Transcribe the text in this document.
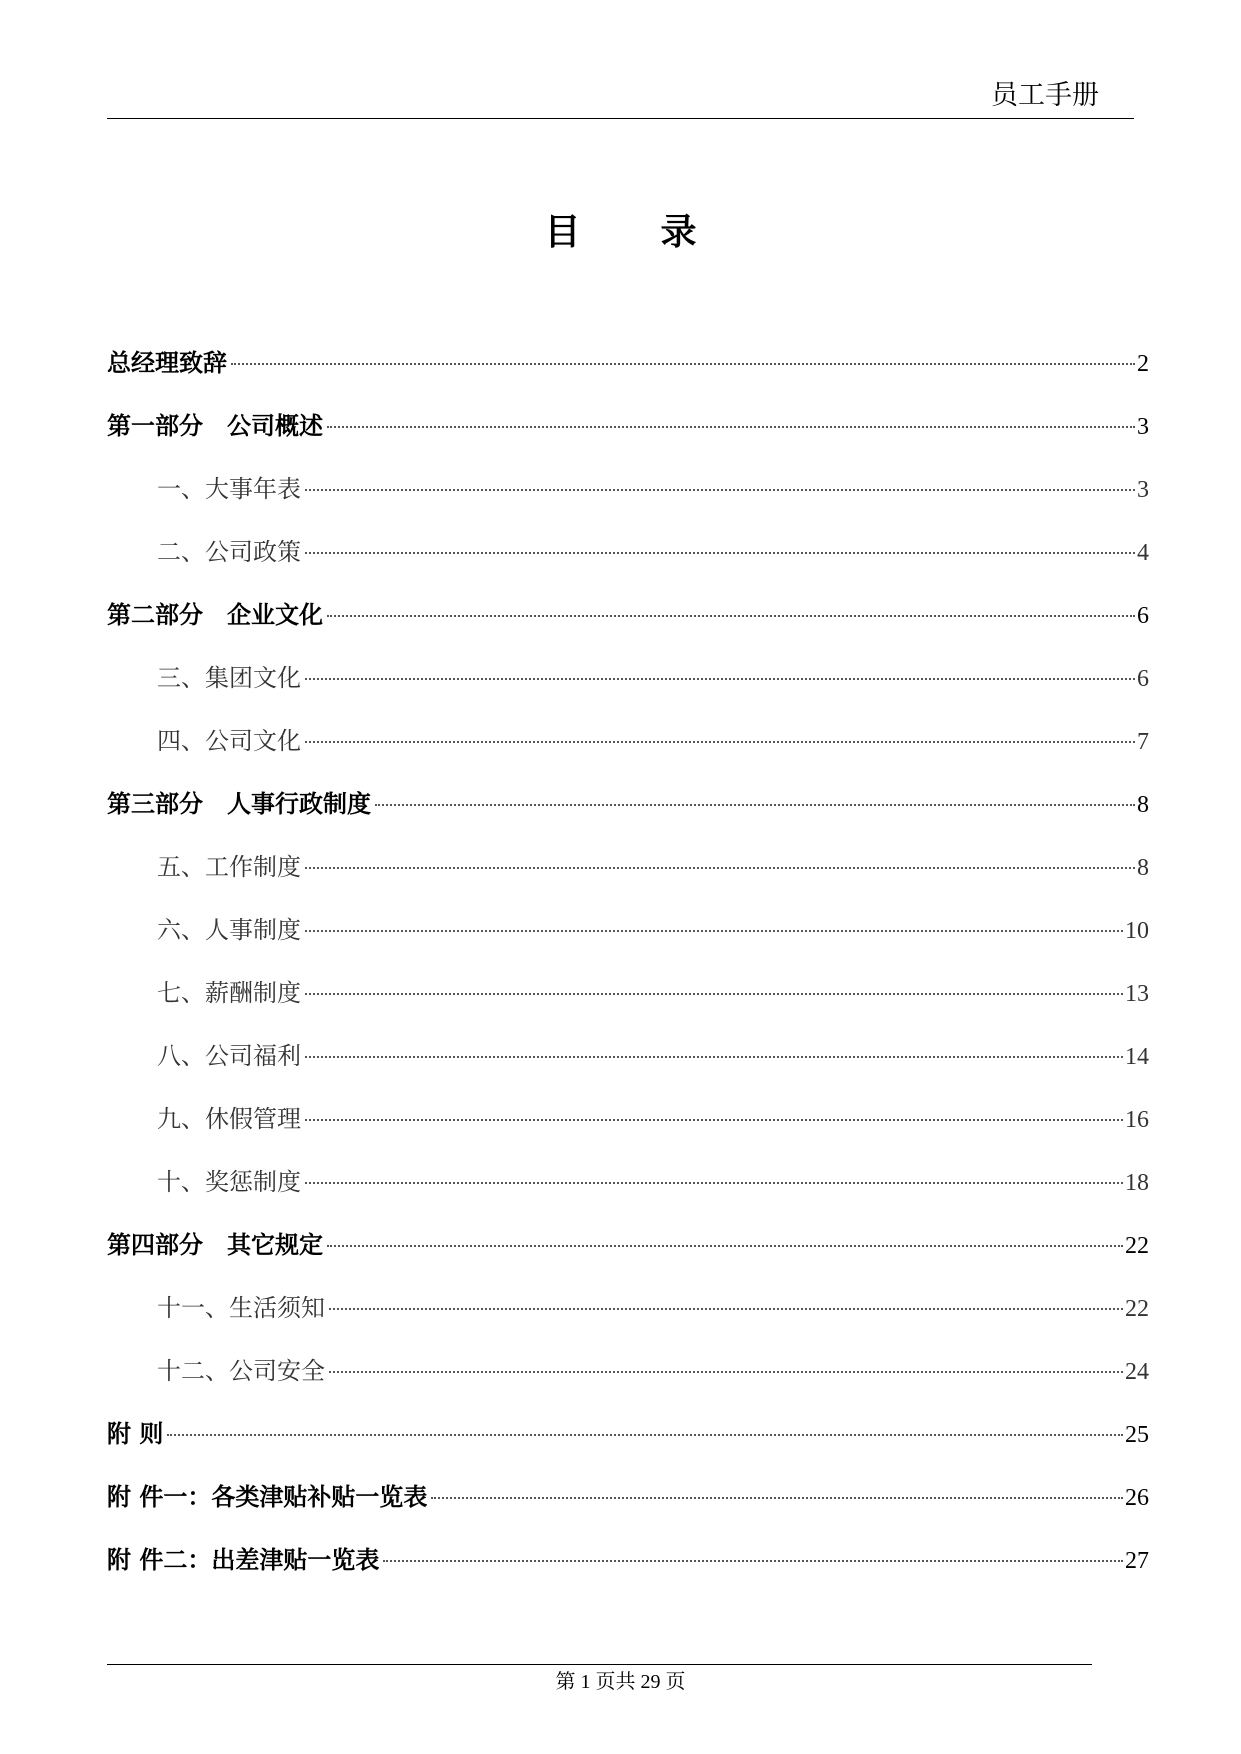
员工手册
目录
总经理致辞	2
第一部分　公司概述	3
一、大事年表	3
二、公司政策	4
第二部分　企业文化	6
三、集团文化	6
四、公司文化	7
第三部分　人事行政制度	8
五、工作制度	8
六、人事制度	10
七、薪酬制度	13
八、公司福利	14
九、休假管理	16
十、奖惩制度	18
第四部分　其它规定	22
十一、生活须知	22
十二、公司安全	24
附 则	25
附 件一：各类津贴补贴一览表	26
附 件二：出差津贴一览表	27
第 1 页共 29 页
